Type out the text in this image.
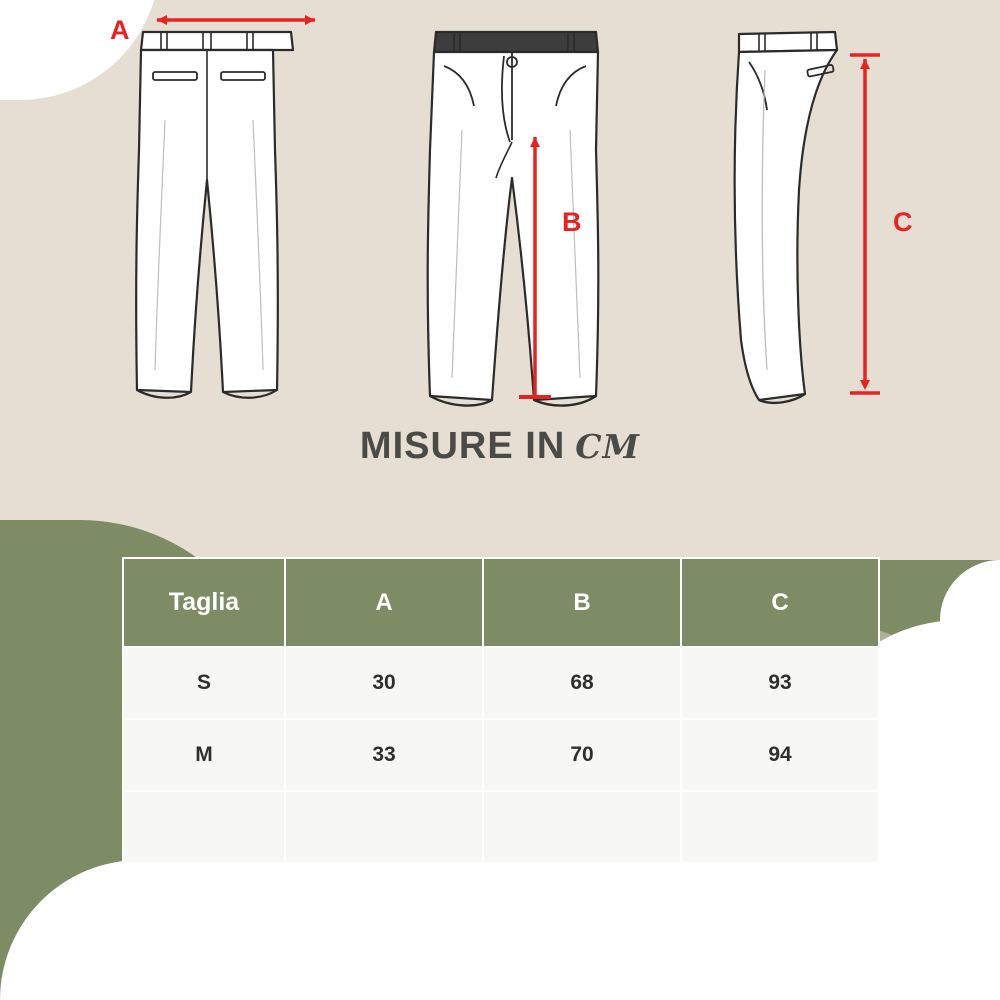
A
B	C
MISURE IN CM
Taglia	A	B	C
S	30	68	93
M	33	70	94
